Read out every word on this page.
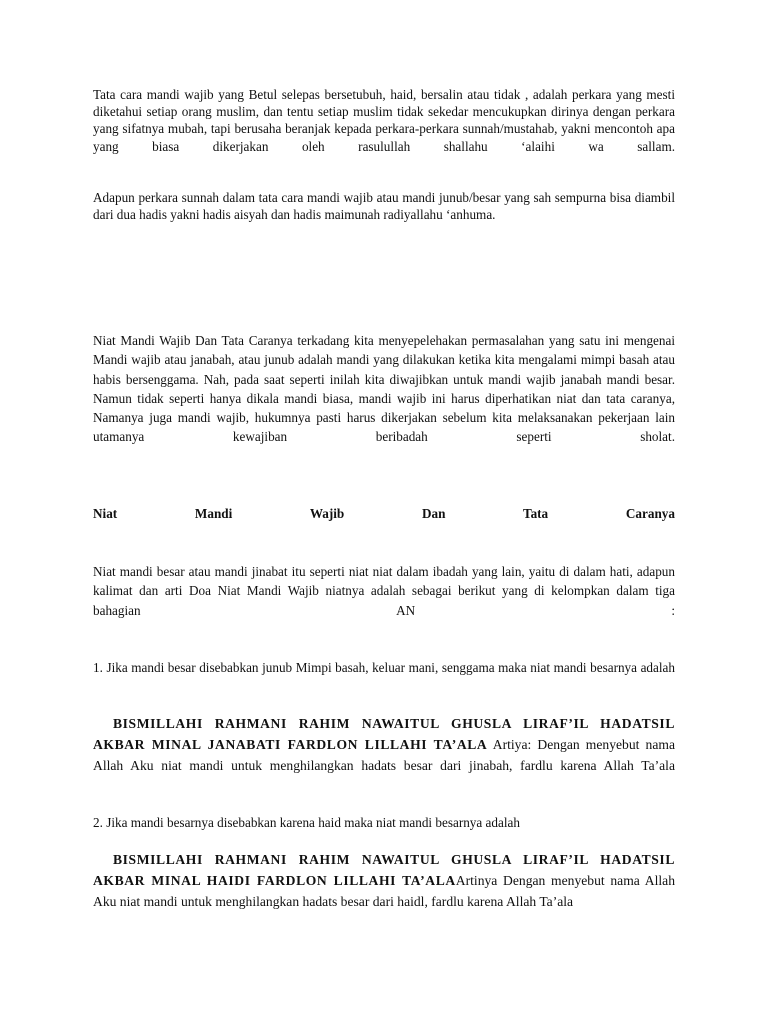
Tata cara mandi wajib yang Betul selepas bersetubuh, haid, bersalin atau tidak , adalah perkara yang mesti diketahui setiap orang muslim, dan tentu setiap muslim tidak sekedar mencukupkan dirinya dengan perkara yang sifatnya mubah, tapi berusaha beranjak kepada perkara-perkara sunnah/mustahab, yakni mencontoh apa yang biasa dikerjakan oleh rasulullah shallahu ‘alaihi wa sallam.

Adapun perkara sunnah dalam tata cara mandi wajib atau mandi junub/besar yang sah sempurna bisa diambil dari dua hadis yakni hadis aisyah dan hadis maimunah radiyallahu ‘anhuma.

Niat Mandi Wajib Dan Tata Caranya terkadang kita menyepelehakan permasalahan yang satu ini mengenai Mandi wajib atau janabah, atau junub adalah mandi yang dilakukan ketika kita mengalami mimpi basah atau habis bersenggama. Nah, pada saat seperti inilah kita diwajibkan untuk mandi wajib janabah mandi besar. Namun tidak seperti hanya dikala mandi biasa, mandi wajib ini harus diperhatikan niat dan tata caranya, Namanya juga mandi wajib, hukumnya pasti harus dikerjakan sebelum kita melaksanakan pekerjaan lain utamanya kewajiban beribadah seperti sholat.

Niat Mandi Wajib Dan Tata Caranya

Niat mandi besar atau mandi jinabat itu seperti niat niat dalam ibadah yang lain, yaitu di dalam hati, adapun kalimat dan arti Doa Niat Mandi Wajib niatnya adalah sebagai berikut yang di kelompkan dalam tiga bahagian AN :

1. Jika mandi besar disebabkan junub Mimpi basah, keluar mani, senggama maka niat mandi besarnya adalah

BISMILLAHI RAHMANI RAHIM NAWAITUL GHUSLA LIRAF’IL HADATSIL AKBAR MINAL JANABATI FARDLON LILLAHI TA’ALA Artiya: Dengan menyebut nama Allah Aku niat mandi untuk menghilangkan hadats besar dari jinabah, fardlu karena Allah Ta’ala

2. Jika mandi besarnya disebabkan karena haid maka niat mandi besarnya adalah

BISMILLAHI RAHMANI RAHIM NAWAITUL GHUSLA LIRAF’IL HADATSIL AKBAR MINAL HAIDI FARDLON LILLAHI TA’ALAArtinya Dengan menyebut nama Allah Aku niat mandi untuk menghilangkan hadats besar dari haidl, fardlu karena Allah Ta’ala
